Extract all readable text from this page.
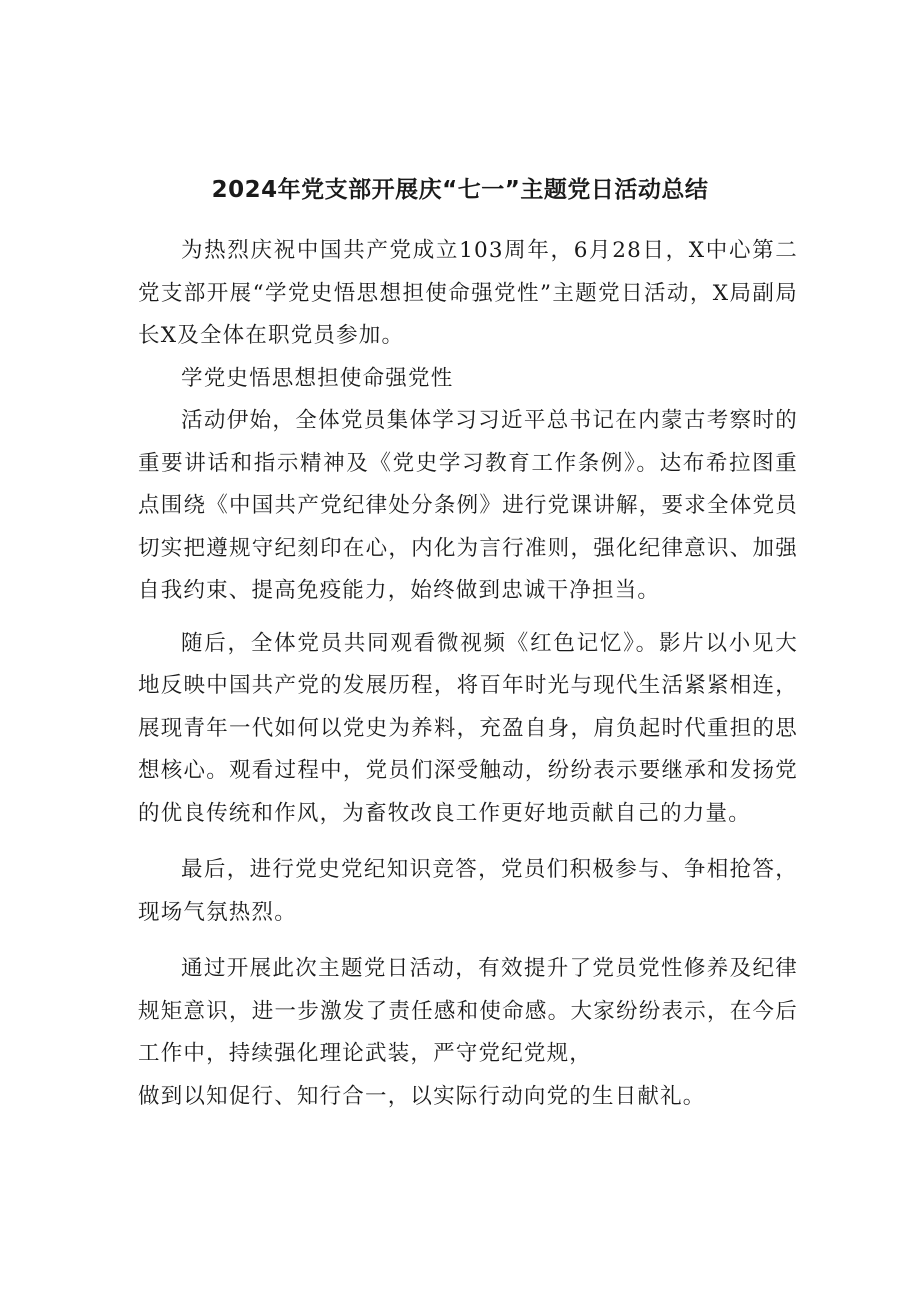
2024年党支部开展庆“七一”主题党日活动总结

为热烈庆祝中国共产党成立103周年，6月28日，X中心第二党支部开展“学党史悟思想担使命强党性”主题党日活动，X局副局长X及全体在职党员参加。

学党史悟思想担使命强党性

活动伊始，全体党员集体学习习近平总书记在内蒙古考察时的重要讲话和指示精神及《党史学习教育工作条例》。达布希拉图重点围绕《中国共产党纪律处分条例》进行党课讲解，要求全体党员切实把遵规守纪刻印在心，内化为言行准则，强化纪律意识、加强自我约束、提高免疫能力，始终做到忠诚干净担当。

随后，全体党员共同观看微视频《红色记忆》。影片以小见大地反映中国共产党的发展历程，将百年时光与现代生活紧紧相连，展现青年一代如何以党史为养料，充盈自身，肩负起时代重担的思想核心。观看过程中，党员们深受触动，纷纷表示要继承和发扬党的优良传统和作风，为畜牧改良工作更好地贡献自己的力量。

最后，进行党史党纪知识竞答，党员们积极参与、争相抢答，现场气氛热烈。

通过开展此次主题党日活动，有效提升了党员党性修养及纪律规矩意识，进一步激发了责任感和使命感。大家纷纷表示，在今后工作中，持续强化理论武装，严守党纪党规，

做到以知促行、知行合一，以实际行动向党的生日献礼。
